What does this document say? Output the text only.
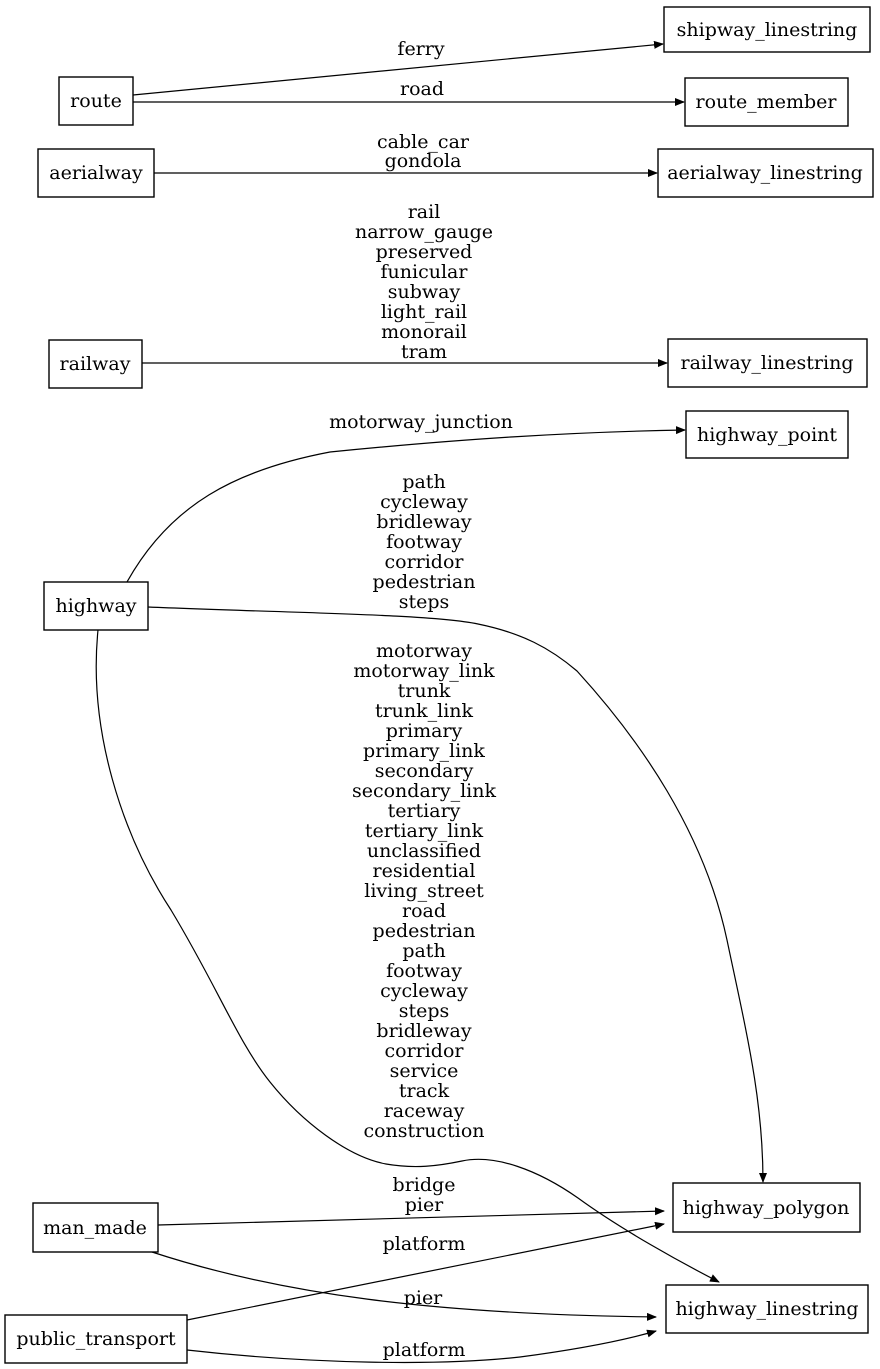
ferry
road
cable_car gondola
rail narrow_gauge preserved funicular subway light_rail monorail tram
motorway_junction
path cycleway bridleway footway corridor pedestrian steps
motorway motorway_link trunk trunk_link primary primary_link secondary secondary_link tertiary tertiary_link unclassified residential living_street road pedestrian path footway cycleway steps bridleway corridor service track raceway construction
bridge pier
pier
platform
platform
route
shipway_linestring
route_member
aerialway	aerialway_linestring
railway	railway_linestring
highway
highway_point
highway_polygon
highway_linestring
man_made
public_transport
